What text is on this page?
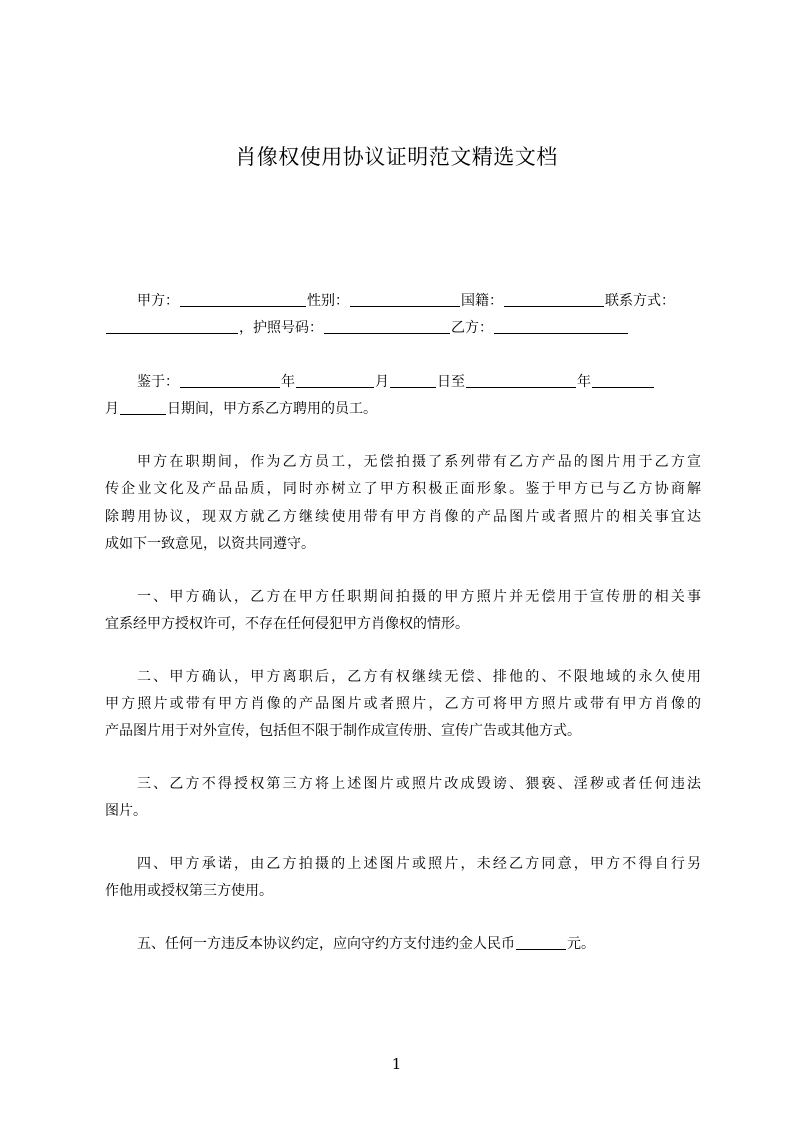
肖像权使用协议证明范文精选文档
甲方：	性别：	国籍：	联系方式：
，护照号码：	乙方：
鉴于：	年	月	日至	年
月	日期间，甲方系乙方聘用的员工。
甲方在职期间，作为乙方员工，无偿拍摄了系列带有乙方产品的图片用于乙方宣
传企业文化及产品品质，同时亦树立了甲方积极正面形象。鉴于甲方已与乙方协商解
除聘用协议，现双方就乙方继续使用带有甲方肖像的产品图片或者照片的相关事宜达
成如下一致意见，以资共同遵守。
一、甲方确认，乙方在甲方任职期间拍摄的甲方照片并无偿用于宣传册的相关事
宜系经甲方授权许可，不存在任何侵犯甲方肖像权的情形。
二、甲方确认，甲方离职后，乙方有权继续无偿、排他的、不限地域的永久使用
甲方照片或带有甲方肖像的产品图片或者照片，乙方可将甲方照片或带有甲方肖像的
产品图片用于对外宣传，包括但不限于制作成宣传册、宣传广告或其他方式。
三、乙方不得授权第三方将上述图片或照片改成毁谤、猥亵、淫秽或者任何违法
图片。
四、甲方承诺，由乙方拍摄的上述图片或照片，未经乙方同意，甲方不得自行另
作他用或授权第三方使用。
五、任何一方违反本协议约定，应向守约方支付违约金人民币	元。
1
